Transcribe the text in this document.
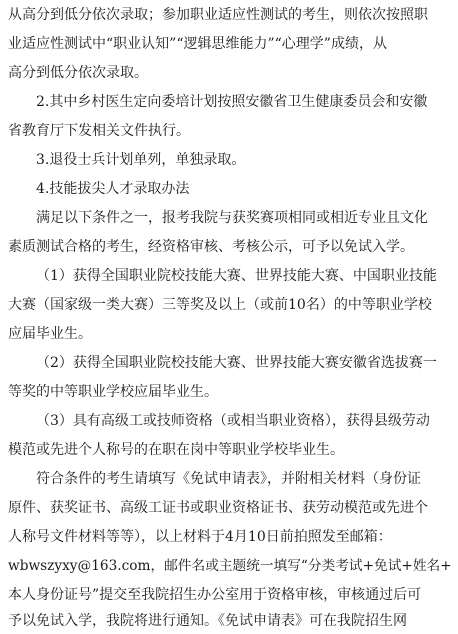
从高分到低分依次录取；参加职业适应性测试的考生，则依次按照职
业适应性测试中“职业认知”“逻辑思维能力”“心理学”成绩，从
高分到低分依次录取。
2.其中乡村医生定向委培计划按照安徽省卫生健康委员会和安徽
省教育厅下发相关文件执行。
3.退役士兵计划单列，单独录取。
4.技能拔尖人才录取办法
满足以下条件之一，报考我院与获奖赛项相同或相近专业且文化
素质测试合格的考生，经资格审核、考核公示，可予以免试入学。
（1）获得全国职业院校技能大赛、世界技能大赛、中国职业技能
大赛（国家级一类大赛）三等奖及以上（或前10名）的中等职业学校
应届毕业生。
（2）获得全国职业院校技能大赛、世界技能大赛安徽省选拔赛一
等奖的中等职业学校应届毕业生。
（3）具有高级工或技师资格（或相当职业资格），获得县级劳动
模范或先进个人称号的在职在岗中等职业学校毕业生。
符合条件的考生请填写《免试申请表》，并附相关材料（身份证
原件、获奖证书、高级工证书或职业资格证书、获劳动模范或先进个
人称号文件材料等等），以上材料于4月10日前拍照发至邮箱：
wbwszyxy@163.com，邮件名或主题统一填写“分类考试+免试+姓名+
本人身份证号”提交至我院招生办公室用于资格审核，审核通过后可
予以免试入学，我院将进行通知。《免试申请表》可在我院招生网
